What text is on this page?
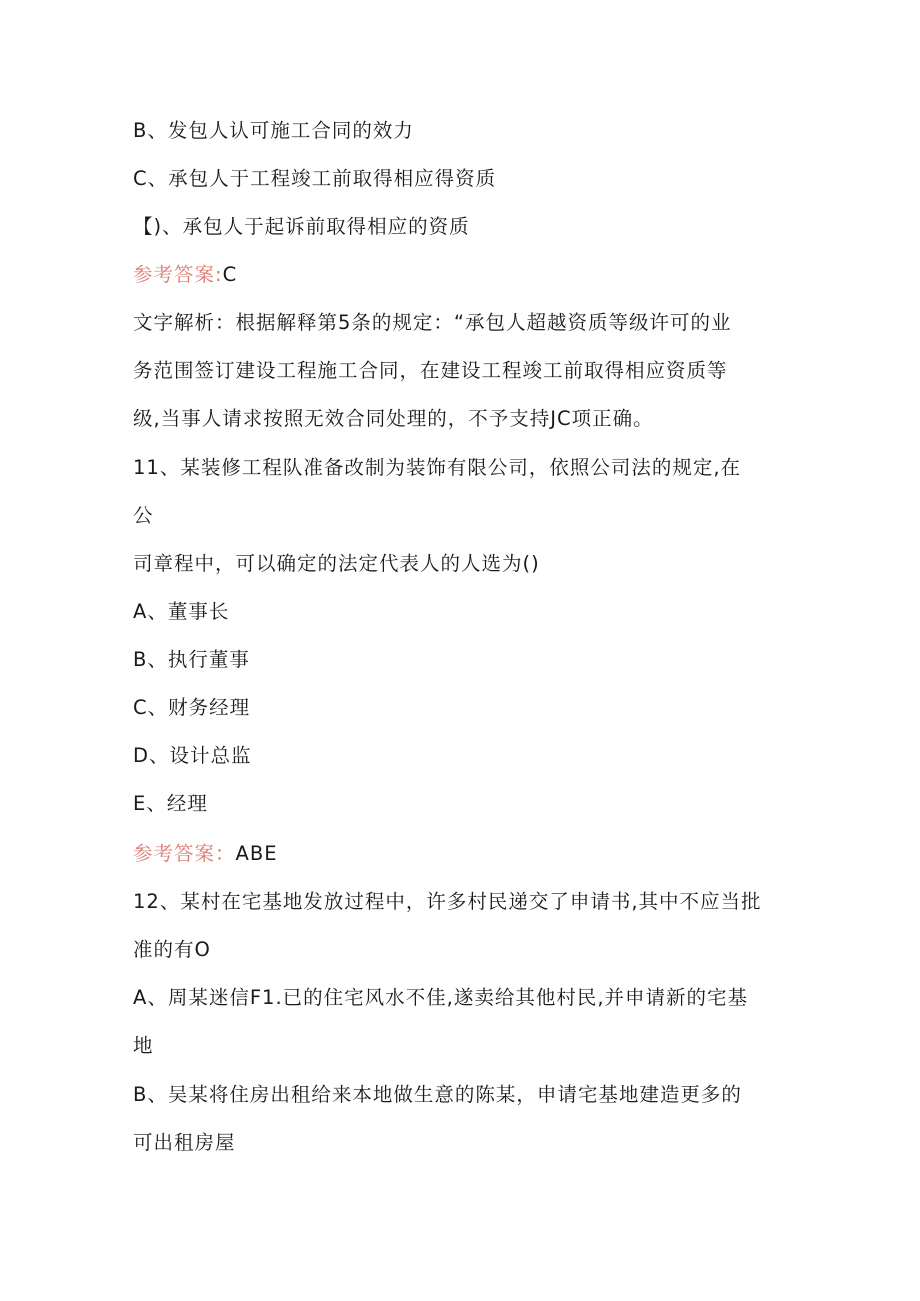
B、发包人认可施工合同的效力
C、承包人于工程竣工前取得相应得资质
【)、承包人于起诉前取得相应的资质
参考答案:C
文字解析：根据解释第5条的规定：“承包人超越资质等级许可的业
务范围签订建设工程施工合同，在建设工程竣工前取得相应资质等
级,当事人请求按照无效合同处理的，不予支持JC项正确。
11、某装修工程队准备改制为装饰有限公司，依照公司法的规定,在
公
司章程中，可以确定的法定代表人的人选为()
A、董事长
B、执行董事
C、财务经理
D、设计总监
E、经理
参考答案：ABE
12、某村在宅基地发放过程中，许多村民递交了申请书,其中不应当批
准的有O
A、周某迷信F1.已的住宅风水不佳,遂卖给其他村民,并申请新的宅基
地
B、吴某将住房出租给来本地做生意的陈某，申请宅基地建造更多的
可出租房屋
